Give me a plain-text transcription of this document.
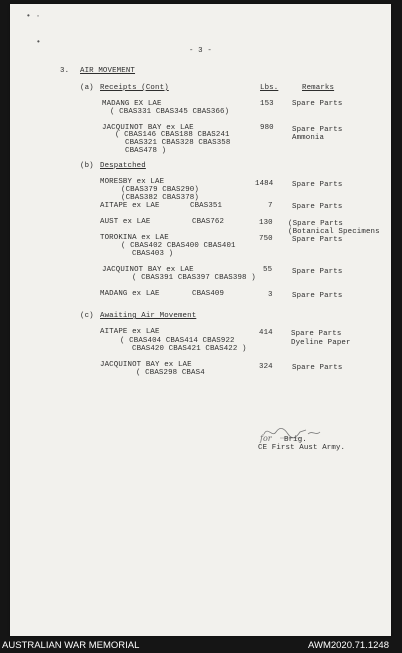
• ·
•
- 3 -
3. AIR MOVEMENT
(a) Receipts (Cont)	Lbs.	Remarks
MADANG EX LAE
( CBAS331 CBAS345 CBAS366)
153 Spare Parts
JACQUINOT BAY ex LAE
( CBAS146 CBAS188 CBAS241
CBAS321 CBAS328 CBAS358
CBAS478 )
980 Spare Parts
Ammonia
(b) Despatched
MORESBY ex LAE
(CBAS379 CBAS290)
(CBAS382 CBAS378)
1484	Spare Parts
AITAPE ex LAE	CBAS351	7	Spare Parts
AUST ex LAE	CBAS762	130 (Spare Parts
(Botanical Specimens
TOROKINA ex LAE
( CBAS402 CBAS400 CBAS401
CBAS403 )
750	Spare Parts
JACQUINOT BAY ex LAE
( CBAS391 CBAS397 CBAS398 )
55	Spare Parts
MADANG ex LAE	CBAS409	3	Spare Parts
(c) Awaiting Air Movement
AITAPE ex LAE
( CBAS404 CBAS414 CBAS922
CBAS420 CBAS421 CBAS422 )
414 Spare Parts
Dyeline Paper
JACQUINOT BAY ex LAE
( CBAS298 CBAS4
324	Spare Parts
for Brig.
CE First Aust Army.
AUSTRALIAN WAR MEMORIAL	AWM2020.71.1248
